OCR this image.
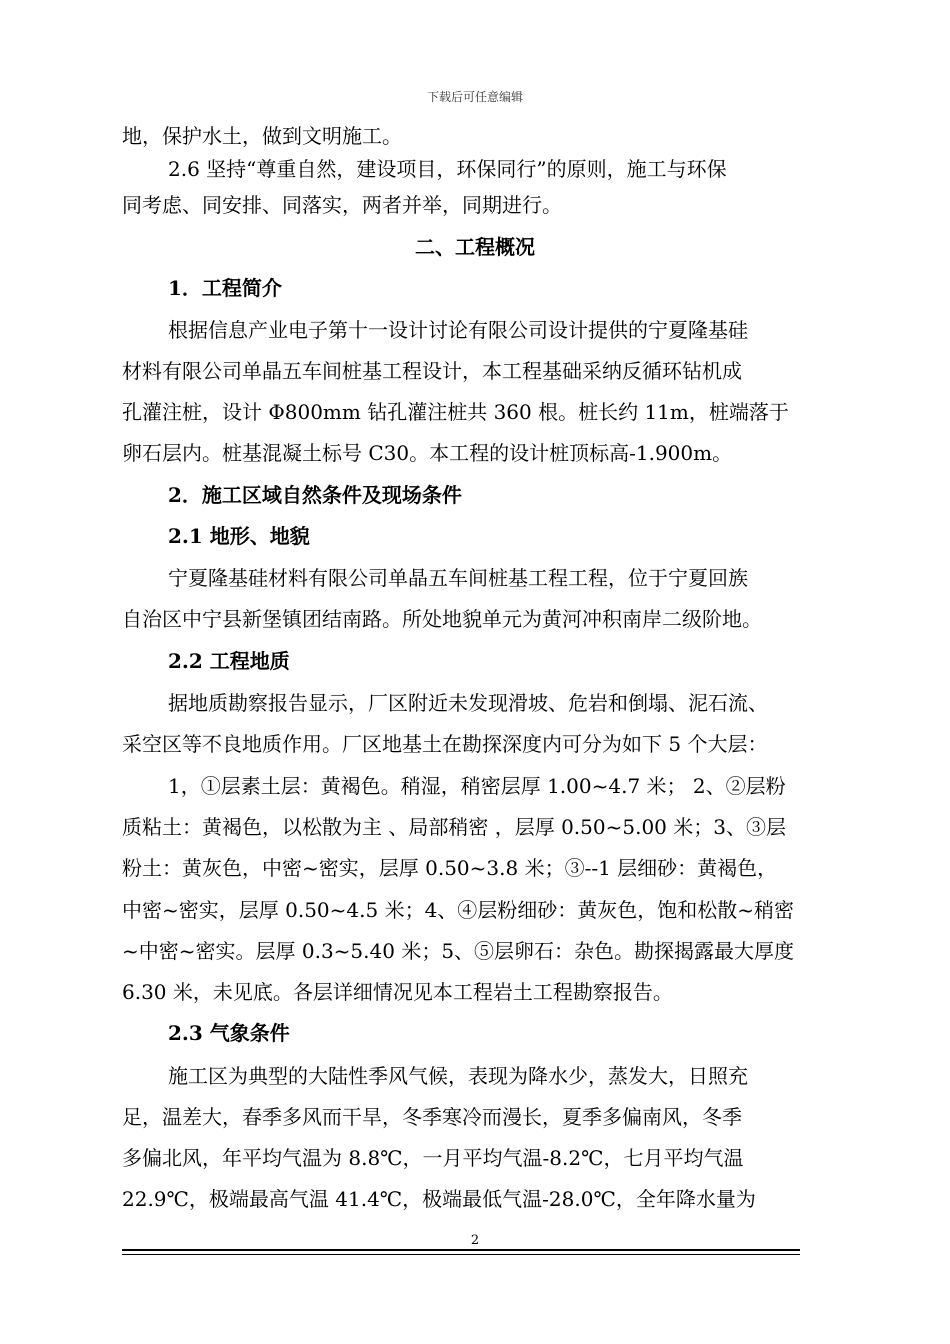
下载后可任意编辑
地，保护水土，做到文明施工。
2.6 坚持“尊重自然，建设项目，环保同行”的原则，施工与环保
同考虑、同安排、同落实，两者并举，同期进行。
二、工程概况
1．工程简介
根据信息产业电子第十一设计讨论有限公司设计提供的宁夏隆基硅
材料有限公司单晶五车间桩基工程设计，本工程基础采纳反循环钻机成
孔灌注桩，设计 Φ800mm 钻孔灌注桩共 360 根。桩长约 11m，桩端落于
卵石层内。桩基混凝土标号 C30。本工程的设计桩顶标高-1.900m。
2．施工区域自然条件及现场条件
2.1 地形、地貌
宁夏隆基硅材料有限公司单晶五车间桩基工程工程，位于宁夏回族
自治区中宁县新堡镇团结南路。所处地貌单元为黄河冲积南岸二级阶地。
2.2 工程地质
据地质勘察报告显示，厂区附近未发现滑坡、危岩和倒塌、泥石流、
采空区等不良地质作用。厂区地基土在勘探深度内可分为如下 5 个大层：
1，①层素土层：黄褐色。稍湿，稍密层厚 1.00~4.7 米； 2、②层粉
质粘土：黄褐色，以松散为主 、局部稍密 ，层厚 0.50~5.00 米；3、③层
粉土：黄灰色，中密~密实，层厚 0.50~3.8 米；③--1 层细砂：黄褐色，
中密~密实，层厚 0.50~4.5 米；4、④层粉细砂：黄灰色，饱和松散~稍密
~中密~密实。层厚 0.3~5.40 米；5、⑤层卵石：杂色。勘探揭露最大厚度
6.30 米，未见底。各层详细情况见本工程岩土工程勘察报告。
2.3 气象条件
施工区为典型的大陆性季风气候，表现为降水少，蒸发大，日照充
足，温差大，春季多风而干旱，冬季寒冷而漫长，夏季多偏南风，冬季
多偏北风，年平均气温为 8.8℃，一月平均气温-8.2℃，七月平均气温
22.9℃，极端最高气温 41.4℃，极端最低气温-28.0℃，全年降水量为
2
